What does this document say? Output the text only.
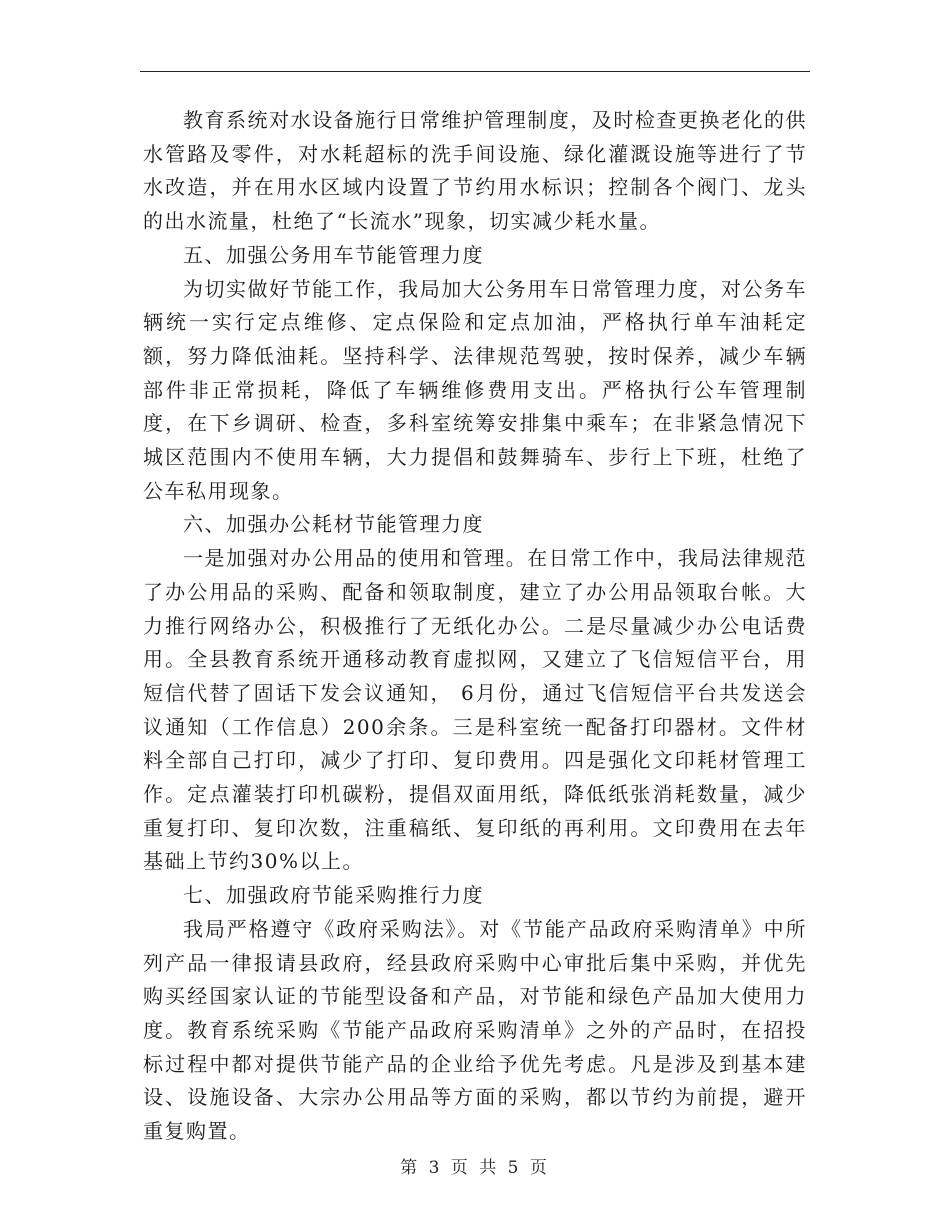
教育系统对水设备施行日常维护管理制度，及时检查更换老化的供水管路及零件，对水耗超标的洗手间设施、绿化灌溉设施等进行了节水改造，并在用水区域内设置了节约用水标识；控制各个阀门、龙头的出水流量，杜绝了“长流水”现象，切实减少耗水量。

五、加强公务用车节能管理力度

为切实做好节能工作，我局加大公务用车日常管理力度，对公务车辆统一实行定点维修、定点保险和定点加油，严格执行单车油耗定额，努力降低油耗。坚持科学、法律规范驾驶，按时保养，减少车辆部件非正常损耗，降低了车辆维修费用支出。严格执行公车管理制度，在下乡调研、检查，多科室统筹安排集中乘车；在非紧急情况下城区范围内不使用车辆，大力提倡和鼓舞骑车、步行上下班，杜绝了公车私用现象。

六、加强办公耗材节能管理力度

一是加强对办公用品的使用和管理。在日常工作中，我局法律规范了办公用品的采购、配备和领取制度，建立了办公用品领取台帐。大力推行网络办公，积极推行了无纸化办公。二是尽量减少办公电话费用。全县教育系统开通移动教育虚拟网，又建立了飞信短信平台，用短信代替了固话下发会议通知， 6月份，通过飞信短信平台共发送会议通知（工作信息）200余条。三是科室统一配备打印器材。文件材料全部自己打印，减少了打印、复印费用。四是强化文印耗材管理工作。定点灌装打印机碳粉，提倡双面用纸，降低纸张消耗数量，减少重复打印、复印次数，注重稿纸、复印纸的再利用。文印费用在去年基础上节约30%以上。

七、加强政府节能采购推行力度

我局严格遵守《政府采购法》。对《节能产品政府采购清单》中所列产品一律报请县政府，经县政府采购中心审批后集中采购，并优先购买经国家认证的节能型设备和产品，对节能和绿色产品加大使用力度。教育系统采购《节能产品政府采购清单》之外的产品时，在招投标过程中都对提供节能产品的企业给予优先考虑。凡是涉及到基本建设、设施设备、大宗办公用品等方面的采购，都以节约为前提，避开重复购置。

第 3 页 共 5 页
